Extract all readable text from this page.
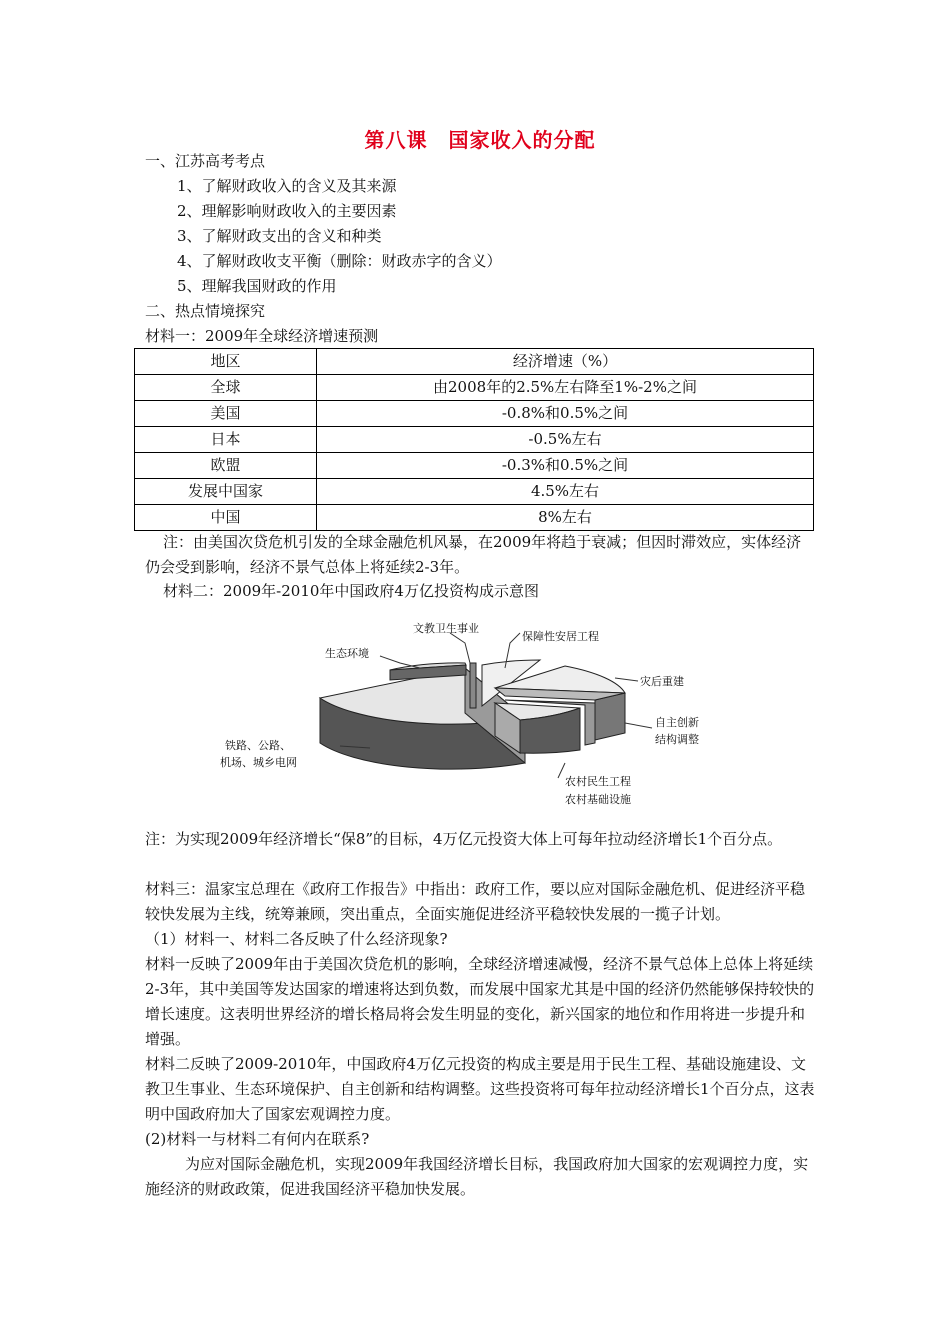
第八课　国家收入的分配
一、江苏高考考点
1、了解财政收入的含义及其来源
2、理解影响财政收入的主要因素
3、了解财政支出的含义和种类
4、了解财政收支平衡（删除：财政赤字的含义）
5、理解我国财政的作用
二、热点情境探究
材料一：2009年全球经济增速预测
地区	经济增速（%）
全球	由2008年的2.5%左右降至1%-2%之间
美国	-0.8%和0.5%之间
日本	-0.5%左右
欧盟	-0.3%和0.5%之间
发展中国家	4.5%左右
中国	8%左右
注：由美国次贷危机引发的全球金融危机风暴，在2009年将趋于衰减；但因时滞效应，实体经济仍会受到影响，经济不景气总体上将延续2-3年。
材料二：2009年-2010年中国政府4万亿投资构成示意图
文教卫生事业
保障性安居工程
生态环境
灾后重建
自主创新
结构调整
铁路、公路、
机场、城乡电网
农村民生工程
农村基础设施
注：为实现2009年经济增长“保8”的目标，4万亿元投资大体上可每年拉动经济增长1个百分点。
材料三：温家宝总理在《政府工作报告》中指出：政府工作，要以应对国际金融危机、促进经济平稳较快发展为主线，统筹兼顾，突出重点，全面实施促进经济平稳较快发展的一揽子计划。
（1）材料一、材料二各反映了什么经济现象?
材料一反映了2009年由于美国次贷危机的影响，全球经济增速减慢，经济不景气总体上总体上将延续2-3年，其中美国等发达国家的增速将达到负数，而发展中国家尤其是中国的经济仍然能够保持较快的增长速度。这表明世界经济的增长格局将会发生明显的变化，新兴国家的地位和作用将进一步提升和增强。
材料二反映了2009-2010年，中国政府4万亿元投资的构成主要是用于民生工程、基础设施建设、文教卫生事业、生态环境保护、自主创新和结构调整。这些投资将可每年拉动经济增长1个百分点，这表明中国政府加大了国家宏观调控力度。
(2)材料一与材料二有何内在联系?
为应对国际金融危机，实现2009年我国经济增长目标，我国政府加大国家的宏观调控力度，实施经济的财政政策，促进我国经济平稳加快发展。
